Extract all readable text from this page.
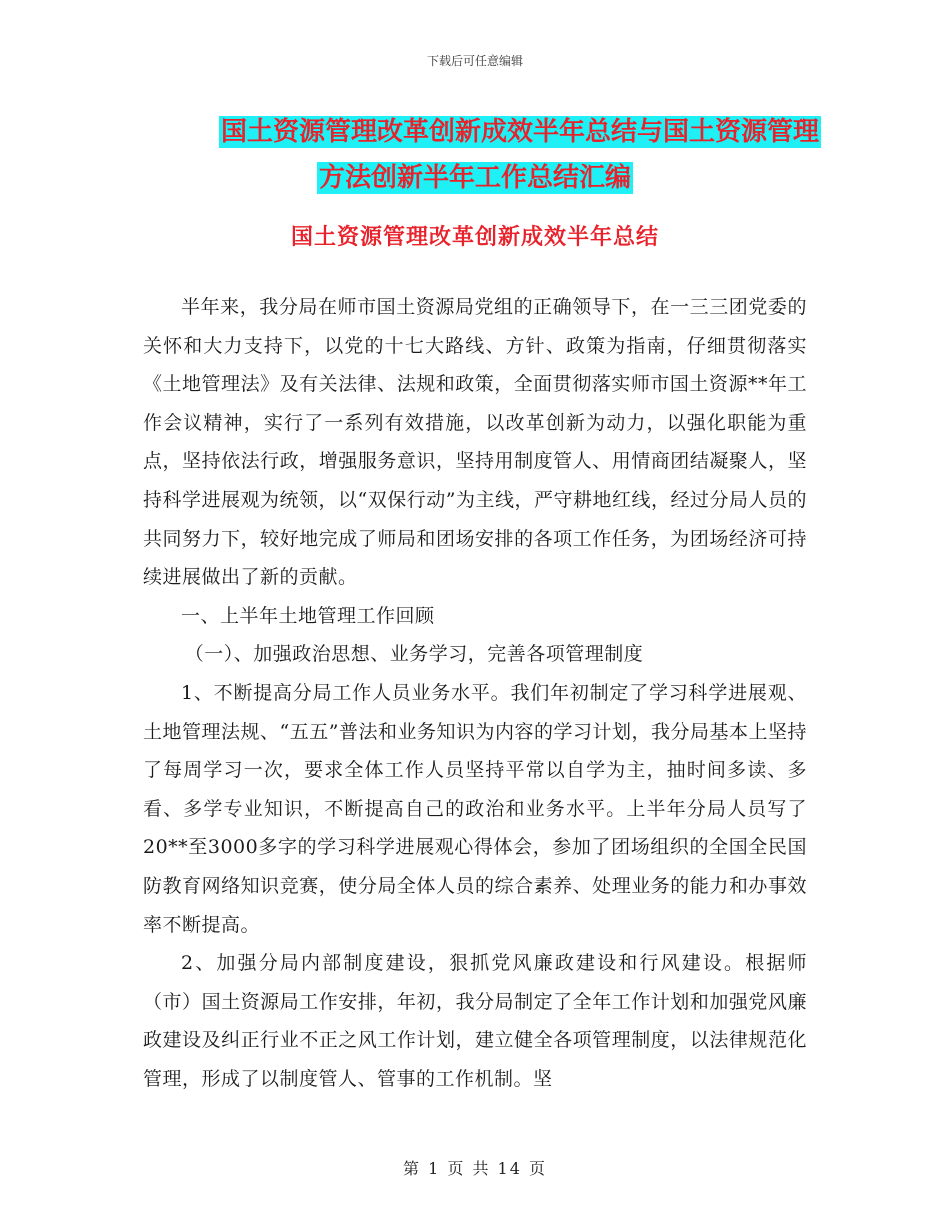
下载后可任意编辑
国土资源管理改革创新成效半年总结与国土资源管理
方法创新半年工作总结汇编
国土资源管理改革创新成效半年总结

半年来，我分局在师市国土资源局党组的正确领导下，在一三三团党委的关怀和大力支持下，以党的十七大路线、方针、政策为指南，仔细贯彻落实《土地管理法》及有关法律、法规和政策，全面贯彻落实师市国土资源**年工作会议精神，实行了一系列有效措施，以改革创新为动力，以强化职能为重点，坚持依法行政，增强服务意识，坚持用制度管人、用情商团结凝聚人，坚持科学进展观为统领，以“双保行动”为主线，严守耕地红线，经过分局人员的共同努力下，较好地完成了师局和团场安排的各项工作任务，为团场经济可持续进展做出了新的贡献。

一、上半年土地管理工作回顾

（一）、加强政治思想、业务学习，完善各项管理制度

1、不断提高分局工作人员业务水平。我们年初制定了学习科学进展观、土地管理法规、“五五”普法和业务知识为内容的学习计划，我分局基本上坚持了每周学习一次，要求全体工作人员坚持平常以自学为主，抽时间多读、多看、多学专业知识，不断提高自己的政治和业务水平。上半年分局人员写了20**至3000多字的学习科学进展观心得体会，参加了团场组织的全国全民国防教育网络知识竞赛，使分局全体人员的综合素养、处理业务的能力和办事效率不断提高。

2、加强分局内部制度建设，狠抓党风廉政建设和行风建设。根据师（市）国土资源局工作安排，年初，我分局制定了全年工作计划和加强党风廉政建设及纠正行业不正之风工作计划，建立健全各项管理制度，以法律规范化管理，形成了以制度管人、管事的工作机制。坚

第 1 页 共 14 页
